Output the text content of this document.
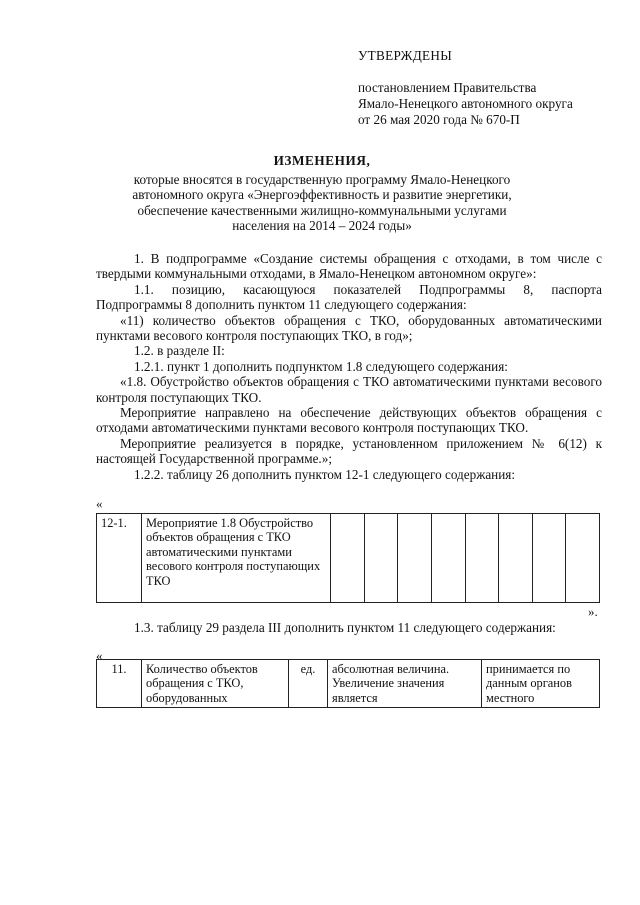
УТВЕРЖДЕНЫ
постановлением Правительства
Ямало-Ненецкого автономного округа
от 26 мая 2020 года № 670-П
ИЗМЕНЕНИЯ,
которые вносятся в государственную программу Ямало-Ненецкого
автономного округа «Энергоэффективность и развитие энергетики,
обеспечение качественными жилищно-коммунальными услугами
населения на 2014 – 2024 годы»

1. В подпрограмме «Создание системы обращения с отходами, в том числе с твердыми коммунальными отходами, в Ямало-Ненецком автономном округе»:

1.1. позицию, касающуюся показателей Подпрограммы 8, паспорта Подпрограммы 8 дополнить пунктом 11 следующего содержания:

«11) количество объектов обращения с ТКО, оборудованных автоматическими пунктами весового контроля поступающих ТКО, в год»;

1.2. в разделе II:

1.2.1. пункт 1 дополнить подпунктом 1.8 следующего содержания:

«1.8. Обустройство объектов обращения с ТКО автоматическими пунктами весового контроля поступающих ТКО.

Мероприятие направлено на обеспечение действующих объектов обращения с отходами автоматическими пунктами весового контроля поступающих ТКО.

Мероприятие реализуется в порядке, установленном приложением № 6(12) к настоящей Государственной программе.»;

1.2.2. таблицу 26 дополнить пунктом 12-1 следующего содержания:

«
12-1.	Мероприятие 1.8 Обустройство объектов обращения с ТКО автоматическими пунктами весового контроля поступающих ТКО								
».

1.3. таблицу 29 раздела III дополнить пунктом 11 следующего содержания:

«
11.	Количество объектов обращения с ТКО, оборудованных	ед.	абсолютная величина. Увеличение значения является	принимается по данным органов местного
